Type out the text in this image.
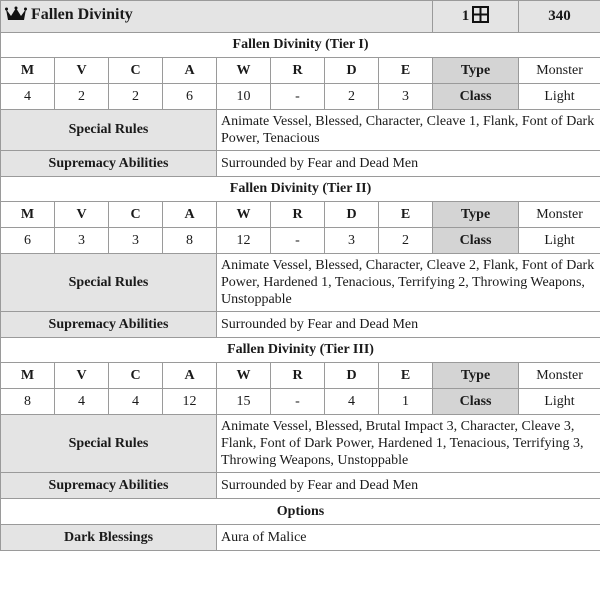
Fallen Divinity								1	340
Fallen Divinity (Tier I)									
M	V	C	A	W	R	D	E	Type	Monster
4	2	2	6	10	-	2	3	Class	Light
Special Rules				Animate Vessel, Blessed, Character, Cleave 1, Flank, Font of Dark Power, Tenacious					
Supremacy Abilities				Surrounded by Fear and Dead Men					
Fallen Divinity (Tier II)									
M	V	C	A	W	R	D	E	Type	Monster
6	3	3	8	12	-	3	2	Class	Light
Special Rules				Animate Vessel, Blessed, Character, Cleave 2, Flank, Font of Dark Power, Hardened 1, Tenacious, Terrifying 2, Throwing Weapons, Unstoppable					
Supremacy Abilities				Surrounded by Fear and Dead Men					
Fallen Divinity (Tier III)									
M	V	C	A	W	R	D	E	Type	Monster
8	4	4	12	15	-	4	1	Class	Light
Special Rules				Animate Vessel, Blessed, Brutal Impact 3, Character, Cleave 3, Flank, Font of Dark Power, Hardened 1, Tenacious, Terrifying 3, Throwing Weapons, Unstoppable					
Supremacy Abilities				Surrounded by Fear and Dead Men					
Options									
Dark Blessings				Aura of Malice					
